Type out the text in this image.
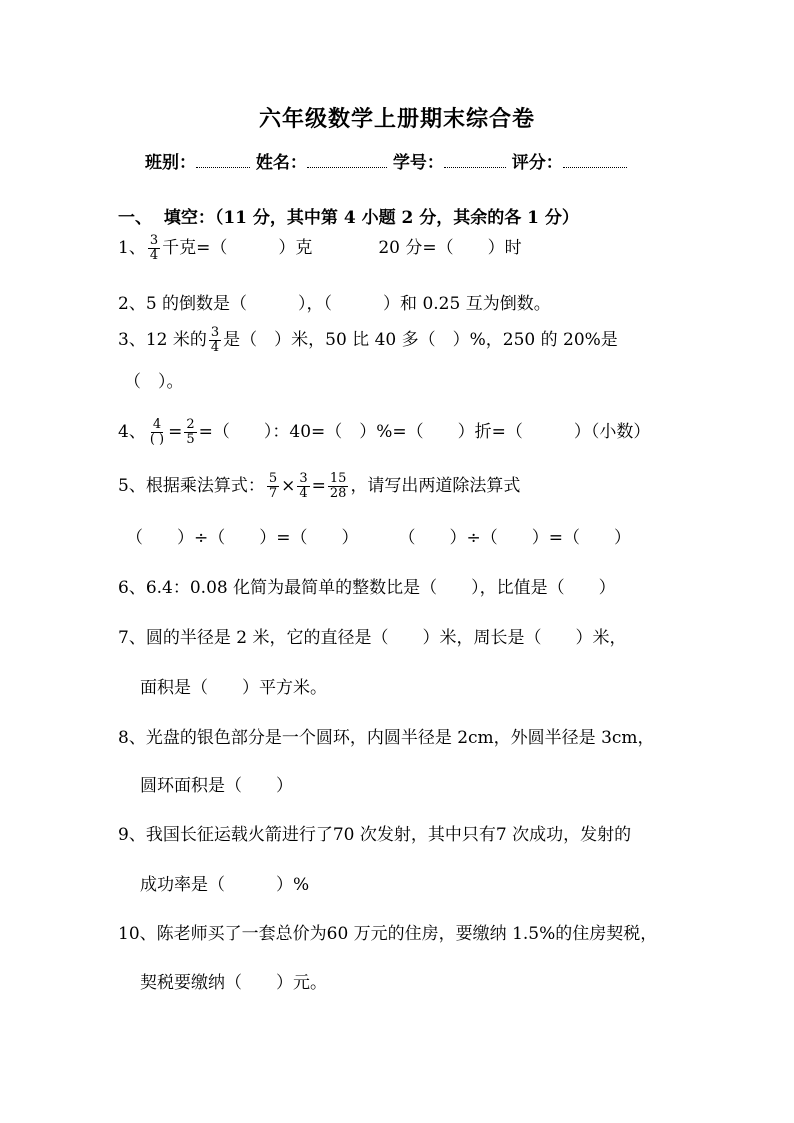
六年级数学上册期末综合卷
班别：	姓名：	学号：	评分：
一、 填空：（11 分，其中第 4 小题 2 分，其余的各 1 分）
1、 $\frac{3}{4}$ 千克=（　　　）克	20 分=（　　）时
2、5 的倒数是（　　　），（　　　）和 0.25 互为倒数。
3、12 米的 $\frac{3}{4}$ 是（　）米，50 比 40 多（　）%，250 的 20%是
（　）。
4、 $\frac{4}{( )} = \frac{2}{5}$ =（　　）：40=（　）%=（　　）折=（　　　）（小数）
5、根据乘法算式： $\frac{5}{7} \times \frac{3}{4} = \frac{15}{28}$ ，请写出两道除法算式
（　　）÷（　　）=（　　） （　　）÷（　　）=（　　）
6、6.4：0.08 化简为最简单的整数比是（　　），比值是（　　）
7、圆的半径是 2 米，它的直径是（　　）米，周长是（　　）米，
面积是（　　）平方米。
8、光盘的银色部分是一个圆环，内圆半径是 2cm，外圆半径是 3cm，
圆环面积是（　　）
9、我国长征运载火箭进行了70 次发射，其中只有7 次成功，发射的
成功率是（　　　）%
10、陈老师买了一套总价为60 万元的住房，要缴纳 1.5%的住房契税，
契税要缴纳（　　）元。
